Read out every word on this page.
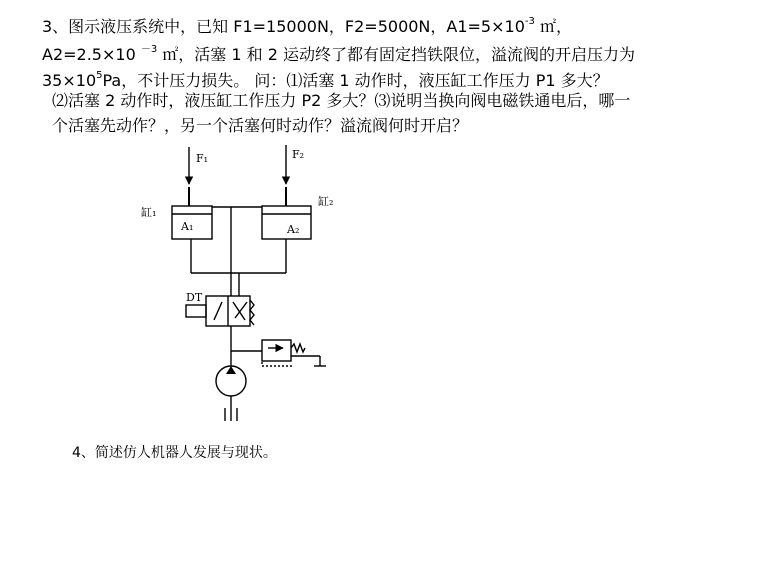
3、图示液压系统中，已知 F1=15000N，F2=5000N，$A1=5\times 10^{-3}$ ㎡，
A2=2.5×10 $^{-3}$ ㎡，活塞 1 和 2 运动终了都有固定挡铁限位，溢流阀的开启压力为
$35\times 10^5Pa$，不计压力损失。 问：⑴活塞 1 动作时，液压缸工作压力 P1 多大？
⑵活塞 2 动作时，液压缸工作压力 P2 多大？⑶说明当换向阀电磁铁通电后，哪一
个活塞先动作？，另一个活塞何时动作？溢流阀何时开启？
F₁	F₂
缸₁
缸₂
A₁	A₂
DT
4、简述仿人机器人发展与现状。
